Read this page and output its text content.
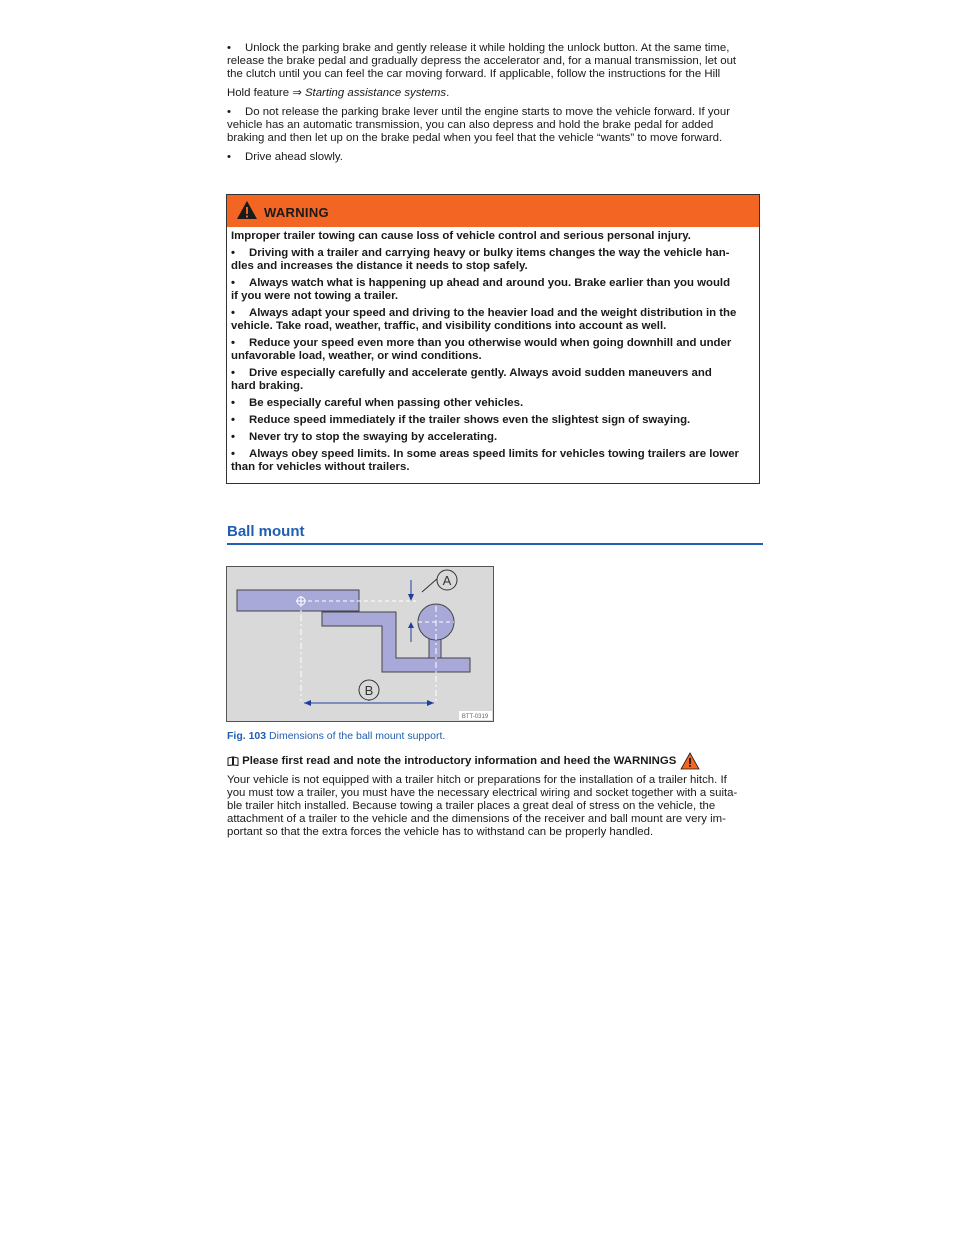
• Unlock the parking brake and gently release it while holding the unlock button. At the same time,
release the brake pedal and gradually depress the accelerator and, for a manual transmission, let out
the clutch until you can feel the car moving forward. If applicable, follow the instructions for the Hill

Hold feature ⇒ Starting assistance systems.

• Do not release the parking brake lever until the engine starts to move the vehicle forward. If your
vehicle has an automatic transmission, you can also depress and hold the brake pedal for added
braking and then let up on the brake pedal when you feel that the vehicle “wants” to move forward.

• Drive ahead slowly.

WARNING

Improper trailer towing can cause loss of vehicle control and serious personal injury.

• Driving with a trailer and carrying heavy or bulky items changes the way the vehicle han-
dles and increases the distance it needs to stop safely.

• Always watch what is happening up ahead and around you. Brake earlier than you would
if you were not towing a trailer.

• Always adapt your speed and driving to the heavier load and the weight distribution in the
vehicle. Take road, weather, traffic, and visibility conditions into account as well.

• Reduce your speed even more than you otherwise would when going downhill and under
unfavorable load, weather, or wind conditions.

• Drive especially carefully and accelerate gently. Always avoid sudden maneuvers and
hard braking.

• Be especially careful when passing other vehicles.

• Reduce speed immediately if the trailer shows even the slightest sign of swaying.

• Never try to stop the swaying by accelerating.

• Always obey speed limits. In some areas speed limits for vehicles towing trailers are lower
than for vehicles without trailers.

Ball mount
A
B
BTT-0319
Fig. 103 Dimensions of the ball mount support.
Please first read and note the introductory information and heed the WARNINGS

Your vehicle is not equipped with a trailer hitch or preparations for the installation of a trailer hitch. If
you must tow a trailer, you must have the necessary electrical wiring and socket together with a suita-
ble trailer hitch installed. Because towing a trailer places a great deal of stress on the vehicle, the
attachment of a trailer to the vehicle and the dimensions of the receiver and ball mount are very im-
portant so that the extra forces the vehicle has to withstand can be properly handled.
